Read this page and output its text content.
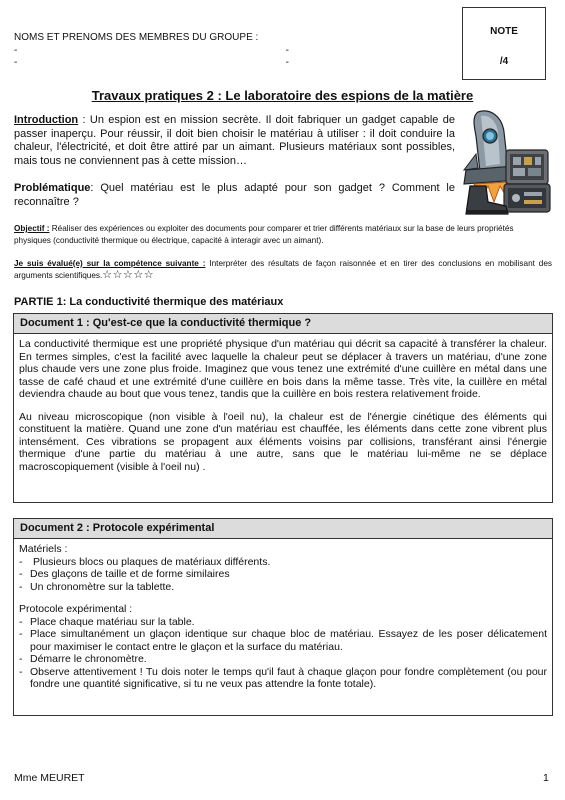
NOMS ET PRENOMS DES MEMBRES DU GROUPE :
-	-
-	-
NOTE
/4
Travaux pratiques 2 : Le laboratoire des espions de la matière
Introduction : Un espion est en mission secrète. Il doit fabriquer un gadget capable de passer inaperçu. Pour réussir, il doit bien choisir le matériau à utiliser : il doit conduire la chaleur, l'électricité, et doit être attiré par un aimant. Plusieurs matériaux sont possibles, mais tous ne conviennent pas à cette mission…
Problématique: Quel matériau est le plus adapté pour son gadget ? Comment le reconnaître ?
Objectif : Réaliser des expériences ou exploiter des documents pour comparer et trier différents matériaux sur la base de leurs propriétés physiques (conductivité thermique ou électrique, capacité à interagir avec un aimant).
Je suis évalué(e) sur la compétence suivante : Interpréter des résultats de façon raisonnée et en tirer des conclusions en mobilisant des arguments scientifiques.☆☆☆☆☆
PARTIE 1: La conductivité thermique des matériaux
Document 1 : Qu'est-ce que la conductivité thermique ?

La conductivité thermique est une propriété physique d'un matériau qui décrit sa capacité à transférer la chaleur. En termes simples, c'est la facilité avec laquelle la chaleur peut se déplacer à travers un matériau, d'une zone plus chaude vers une zone plus froide. Imaginez que vous tenez une extrémité d'une cuillère en métal dans une tasse de café chaud et une extrémité d'une cuillère en bois dans la même tasse. Très vite, la cuillère en métal deviendra chaude au bout que vous tenez, tandis que la cuillère en bois restera relativement froide.

Au niveau microscopique (non visible à l'oeil nu), la chaleur est de l'énergie cinétique des éléments qui constituent la matière. Quand une zone d'un matériau est chauffée, les éléments dans cette zone vibrent plus intensément. Ces vibrations se propagent aux éléments voisins par collisions, transférant ainsi l'énergie thermique d'une partie du matériau à une autre, sans que le matériau lui-même ne se déplace macroscopiquement (visible à l'oeil nu) .

Document 2 : Protocole expérimental
Matériels :
-	Plusieurs blocs ou plaques de matériaux différents.
- Des glaçons de taille et de forme similaires
- Un chronomètre sur la tablette.
Protocole expérimental :
- Place chaque matériau sur la table.
- Place simultanément un glaçon identique sur chaque bloc de matériau. Essayez de les poser délicatement pour maximiser le contact entre le glaçon et la surface du matériau.
- Démarre le chronomètre.
- Observe attentivement ! Tu dois noter le temps qu'il faut à chaque glaçon pour fondre complètement (ou pour fondre une quantité significative, si tu ne veux pas attendre la fonte totale).
Mme MEURET	1
